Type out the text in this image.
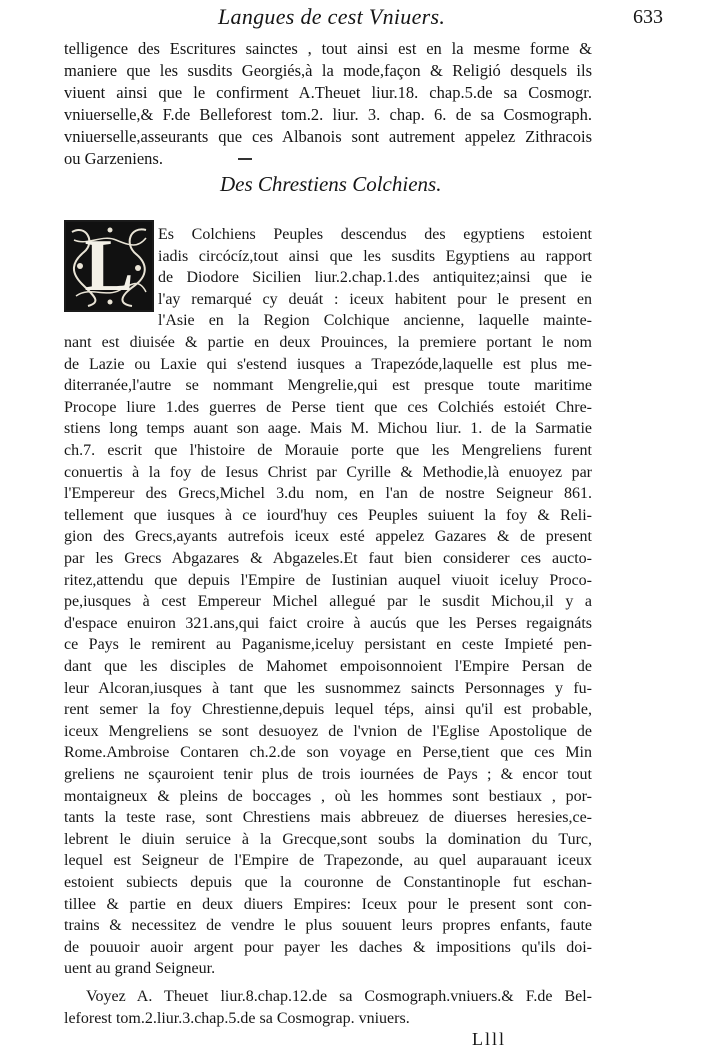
Langues de cest Vniuers.	633
telligence des Escritures sainctes , tout ainsi est en la mesme forme &
maniere que les susdits Georgiés,à la mode,façon & Religió desquels ils
viuent ainsi que le confirment A.Theuet liur.18. chap.5.de sa Cosmogr.
vniuerselle,& F.de Belleforest tom.2. liur. 3. chap. 6. de sa Cosmograph.
vniuerselle,asseurants que ces Albanois sont autrement appelez Zithracois
ou Garzeniens.
Des Chrestiens Colchiens.
L	Es Colchiens Peuples descendus des egyptiens estoient
iadis circócíz,tout ainsi que les susdits Egyptiens au rapport
de Diodore Sicilien liur.2.chap.1.des antiquitez;ainsi que ie
l'ay remarqué cy deuát : iceux habitent pour le present en
l'Asie en la Region Colchique ancienne, laquelle mainte-
nant est diuisée & partie en deux Prouinces, la premiere portant le nom
de Lazie ou Laxie qui s'estend iusques a Trapezóde,laquelle est plus me-
diterranée,l'autre se nommant Mengrelie,qui est presque toute maritime
Procope liure 1.des guerres de Perse tient que ces Colchiés estoiét Chre-
stiens long temps auant son aage. Mais M. Michou liur. 1. de la Sarmatie
ch.7. escrit que l'histoire de Morauie porte que les Mengreliens furent
conuertis à la foy de Iesus Christ par Cyrille & Methodie,là enuoyez par
l'Empereur des Grecs,Michel 3.du nom, en l'an de nostre Seigneur 861.
tellement que iusques à ce iourd'huy ces Peuples suiuent la foy & Reli-
gion des Grecs,ayants autrefois iceux esté appelez Gazares & de present
par les Grecs Abgazares & Abgazeles.Et faut bien considerer ces aucto-
ritez,attendu que depuis l'Empire de Iustinian auquel viuoit iceluy Proco-
pe,iusques à cest Empereur Michel allegué par le susdit Michou,il y a
d'espace enuiron 321.ans,qui faict croire à aucús que les Perses regaignáts
ce Pays le remirent au Paganisme,iceluy persistant en ceste Impieté pen-
dant que les disciples de Mahomet empoisonnoient l'Empire Persan de
leur Alcoran,iusques à tant que les susnommez saincts Personnages y fu-
rent semer la foy Chrestienne,depuis lequel téps, ainsi qu'il est probable,
iceux Mengreliens se sont desuoyez de l'vnion de l'Eglise Apostolique de
Rome.Ambroise Contaren ch.2.de son voyage en Perse,tient que ces Min
greliens ne sçauroient tenir plus de trois iournées de Pays ; & encor tout
montaigneux & pleins de boccages , où les hommes sont bestiaux , por-
tants la teste rase, sont Chrestiens mais abbreuez de diuerses heresies,ce-
lebrent le diuin seruice à la Grecque,sont soubs la domination du Turc,
lequel est Seigneur de l'Empire de Trapezonde, au quel auparauant iceux
estoient subiects depuis que la couronne de Constantinople fut eschan-
tillee & partie en deux diuers Empires: Iceux pour le present sont con-
trains & necessitez de vendre le plus souuent leurs propres enfants, faute
de pouuoir auoir argent pour payer les daches & impositions qu'ils doi-
uent au grand Seigneur.
Voyez A. Theuet liur.8.chap.12.de sa Cosmograph.vniuers.& F.de Bel-
leforest tom.2.liur.3.chap.5.de sa Cosmograp. vniuers.
Llll
